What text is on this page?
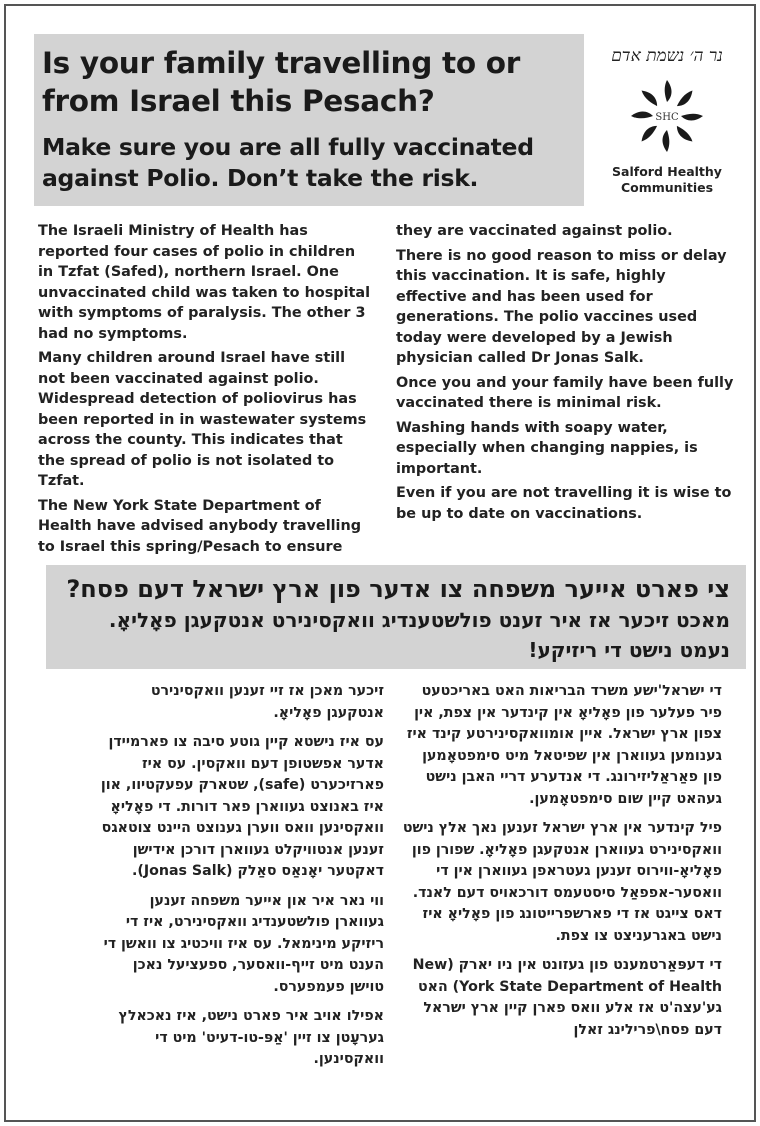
Is your family travelling to or from Israel this Pesach?
Make sure you are all fully vaccinated against Polio. Don’t take the risk.
נר ה׳ נשמת אדם
SHC
Salford Healthy Communities

The Israeli Ministry of Health has reported four cases of polio in children in Tzfat (Safed), northern Israel. One unvaccinated child was taken to hospital with symptoms of paralysis. The other 3 had no symptoms.

Many children around Israel have still not been vaccinated against polio. Widespread detection of poliovirus has been reported in in wastewater systems across the county. This indicates that the spread of polio is not isolated to Tzfat.

The New York State Department of Health have advised anybody travelling to Israel this spring/Pesach to ensure

they are vaccinated against polio.

There is no good reason to miss or delay this vaccination. It is safe, highly effective and has been used for generations. The polio vaccines used today were developed by a Jewish physician called Dr Jonas Salk.

Once you and your family have been fully vaccinated there is minimal risk.

Washing hands with soapy water, especially when changing nappies, is important.

Even if you are not travelling it is wise to be up to date on vaccinations.

צי פארט אייער משפחה צו אדער פון ארץ ישראל דעם פסח?
מאכט זיכער אז איר זענט פולשטענדיג וואקסינירט אנטקעגן פאָליאָ. נעמט נישט די ריזיקע!

די ישראל'ישע משרד הבריאות האט באריכטעט פיר פעלער פון פאָליאָ אין קינדער אין צפת, אין צפון ארץ ישראל. איין אומוואקסינירטע קינד איז גענומען געווארן אין שפיטאל מיט סימפטאָמען פון פאַראַליזירונג. די אנדערע דריי האבן נישט געהאט קיין שום סימפטאָמען.

פיל קינדער אין ארץ ישראל זענען נאך אלץ נישט וואקסינירט געווארן אנטקעגן פאָליאָ. שפורן פון פאָליאָ-ווירוס זענען געטראפן געווארן אין די וואסער-אפפאַל סיסטעמס דורכאויס דעם לאנד. דאס צייגט אז די פארשפרייטונג פון פאָליאָ איז נישט באגרעניצט צו צפת.

די דעפּאַרטמענט פון געזונט אין ניו יארק (New York State Department of Health) האט גע'עצה'ט אז אלע וואס פארן קיין ארץ ישראל דעם פסח\פרילינג זאלן

זיכער מאכן אז זיי זענען וואקסינירט אנטקעגן פאָליאָ.

עס איז נישטא קיין גוטע סיבה צו פארמיידן אדער אפשטופן דעם וואקסין. עס איז פארזיכערט (safe), שטארק עפעקטיוו, און איז באנוצט געווארן פאר דורות. די פאָליאָ וואקסינען וואס ווערן גענוצט היינט צוטאגס זענען אנטוויקלט געווארן דורכן אידישן דאקטער יאָנאַס סאַלק (Jonas Salk).

ווי נאר איר און אייער משפחה זענען געווארן פולשטענדיג וואקסינירט, איז די ריזיקע מינימאל. עס איז וויכטיג צו וואשן די הענט מיט זייף-וואסער, ספעציעל נאכן טוישן פעמפערס.

אפילו אויב איר פארט נישט, איז נאכאלץ גערעָטן צו זיין 'אַפּ-טו-דעיט' מיט די וואקסינען.
